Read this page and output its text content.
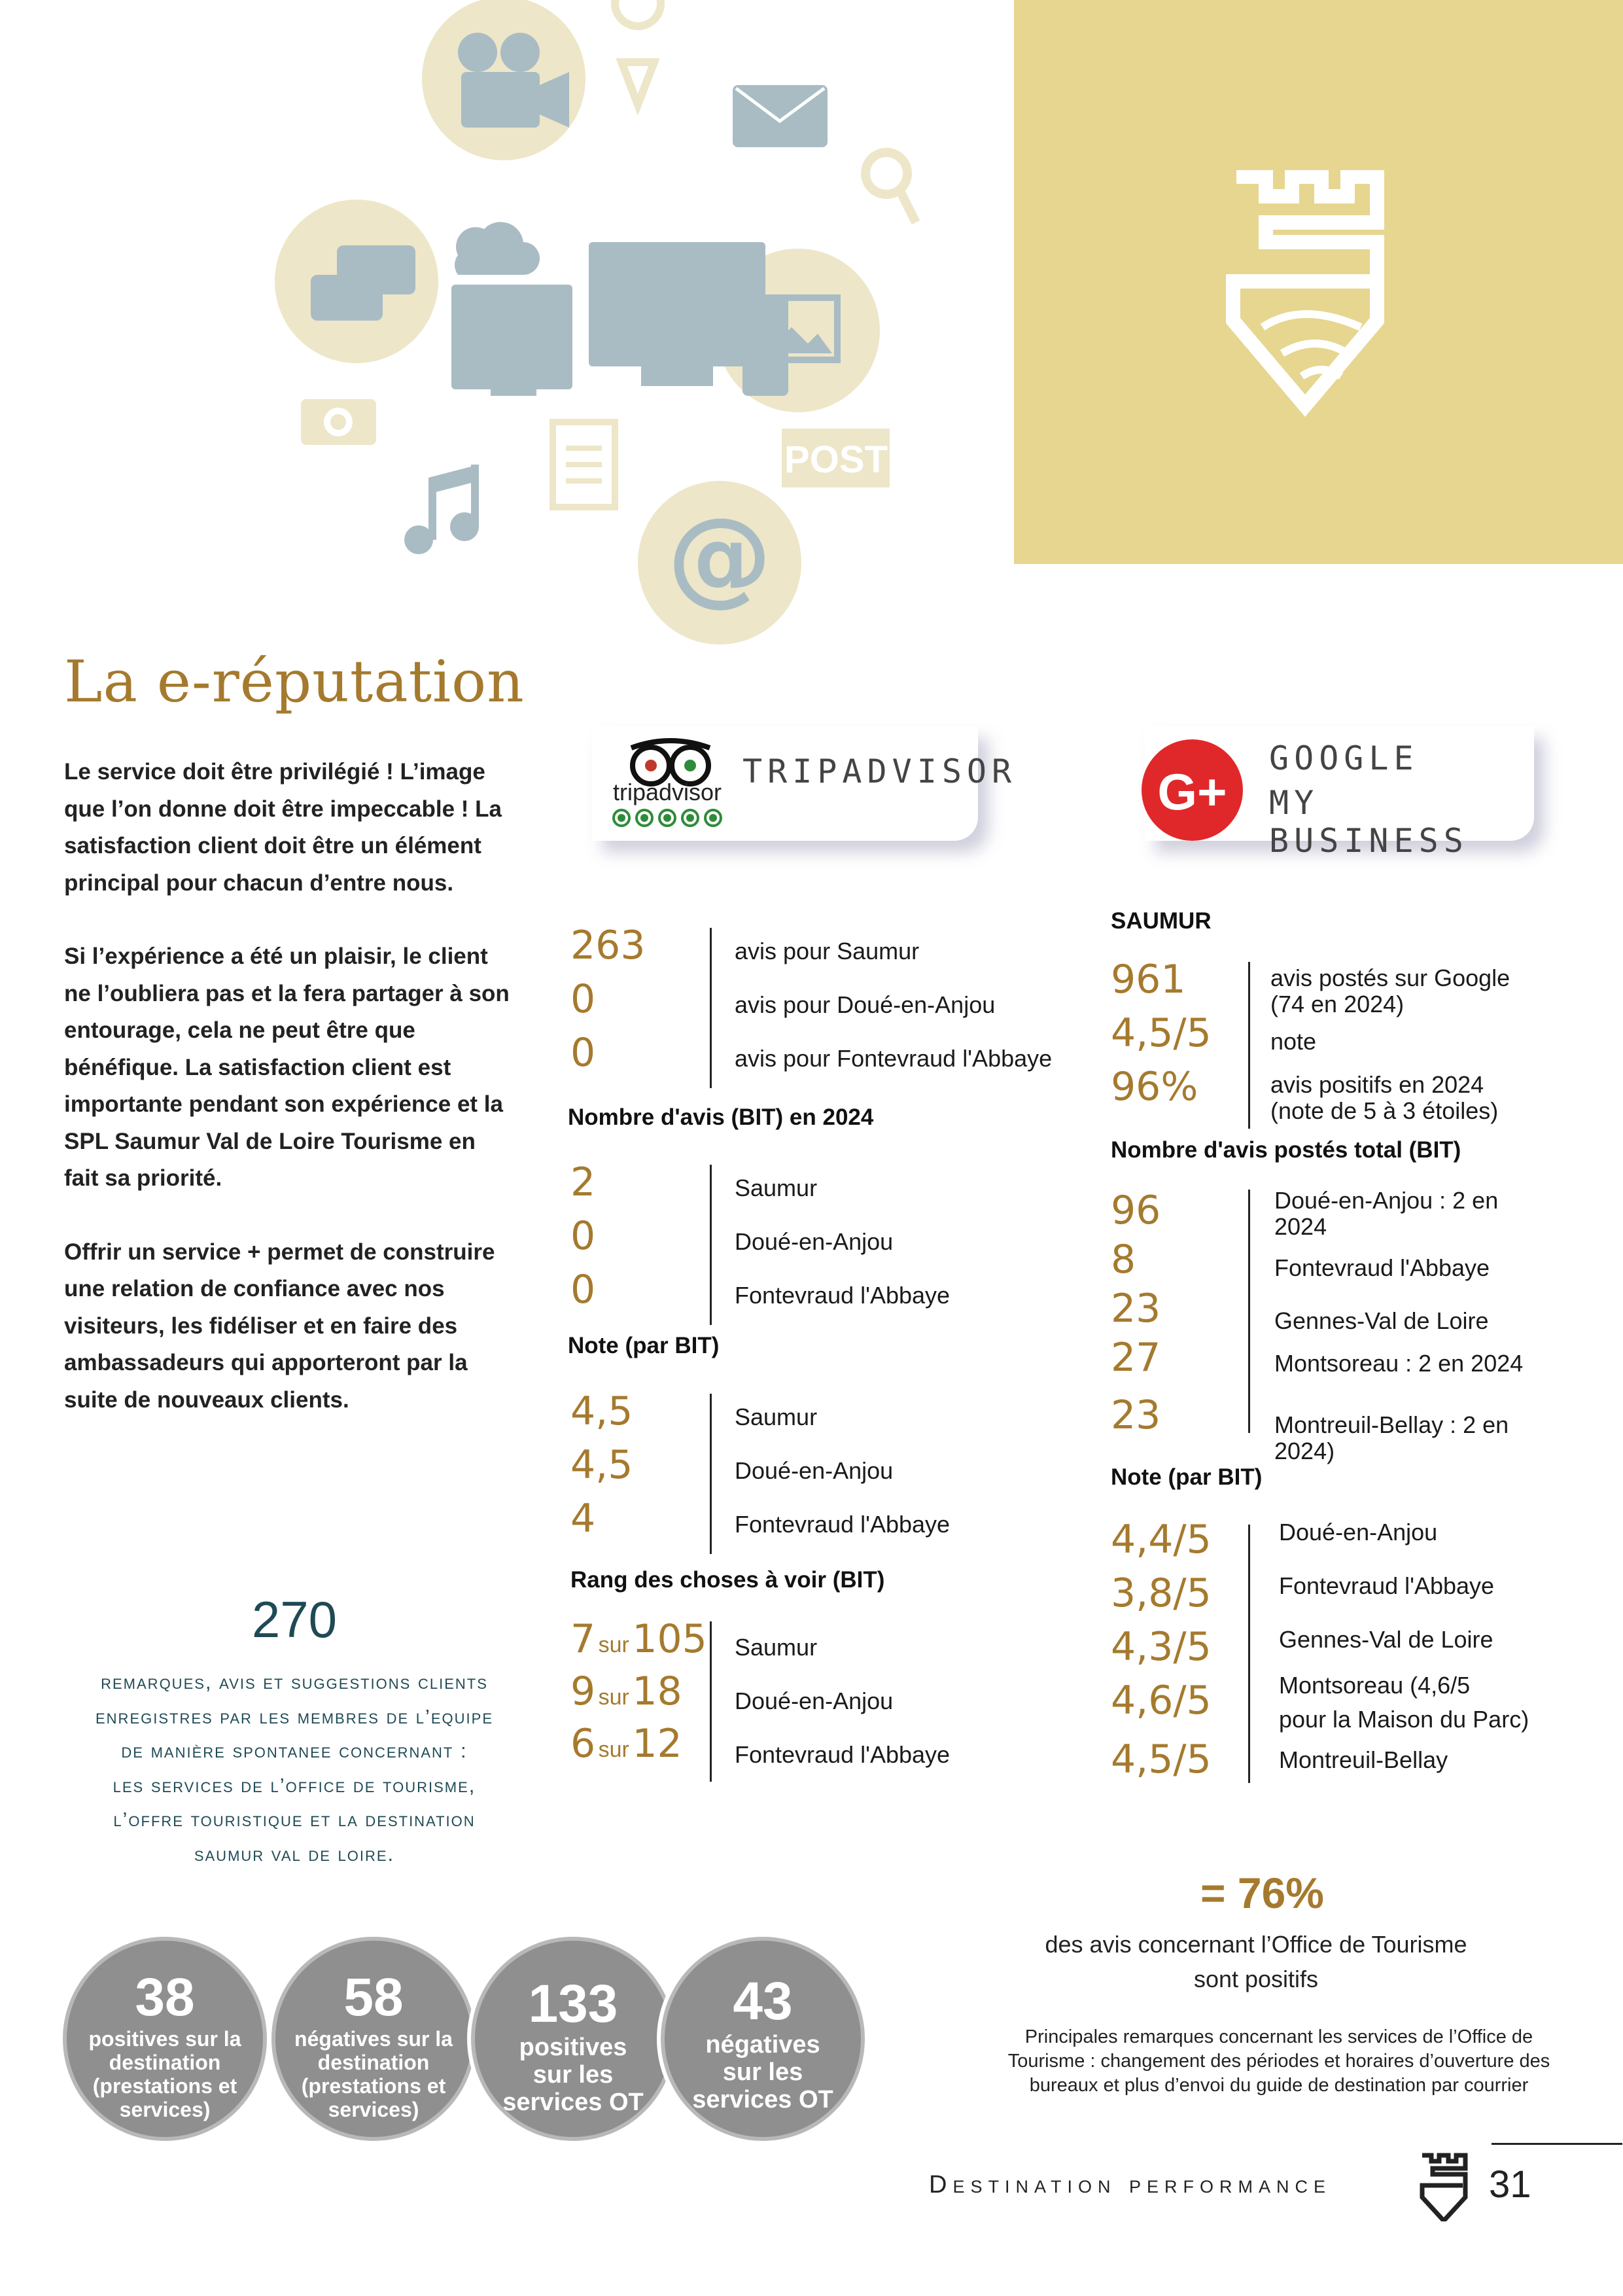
POST
@
La e-réputation

Le service doit être privilégié ! L’image que l’on donne doit être impeccable ! La satisfaction client doit être un élément principal pour chacun d’entre nous.

Si l’expérience a été un plaisir, le client ne l’oubliera pas et la fera partager à son entourage, cela ne peut être que bénéfique. La satisfaction client est importante pendant son expérience et la SPL Saumur Val de Loire Tourisme en fait sa priorité.

Offrir un service + permet de construire une relation de confiance avec nos visiteurs, les fidéliser et en faire des ambassadeurs qui apporteront par la suite de nouveaux clients.

270
remarques, avis et suggestions clients
enregistres par les membres de l’equipe
de manière spontanee concernant :
les services de l’office de tourisme,
l’offre touristique et la destination
saumur val de loire.
38
positives sur la
destination
(prestations et
services)
58
négatives sur la
destination
(prestations et
services)
133
positives
sur les
services OT
43
négatives
sur les
services OT
tripadvisor
TRIPADVISOR	G+
GOOGLE
MY BUSINESS
263
0
0
avis pour Saumur
avis pour Doué-en-Anjou
avis pour Fontevraud l'Abbaye
Nombre d'avis (BIT) en 2024
2
0
0
Saumur
Doué-en-Anjou
Fontevraud l'Abbaye
Note (par BIT)
4,5
4,5
4
Saumur
Doué-en-Anjou
Fontevraud l'Abbaye
Rang des choses à voir (BIT)
7 sur 105
9 sur 18
6 sur 12
Saumur
Doué-en-Anjou
Fontevraud l'Abbaye
SAUMUR
961
4,5/5
96%
avis postés sur Google
(74 en 2024)
note
avis positifs en 2024
(note de 5 à 3 étoiles)
Nombre d'avis postés total (BIT)
96
8
23
27
23
Doué-en-Anjou : 2 en
2024
Fontevraud l'Abbaye
Gennes-Val de Loire
Montsoreau : 2 en 2024
Montreuil-Bellay : 2 en
2024)
Note (par BIT)
4,4/5
3,8/5
4,3/5
4,6/5
4,5/5
Doué-en-Anjou
Fontevraud l'Abbaye
Gennes-Val de Loire
Montsoreau (4,6/5
pour la Maison du Parc)
Montreuil-Bellay
= 76%
des avis concernant l’Office de Tourisme
sont positifs
Principales remarques concernant les services de l’Office de Tourisme : changement des périodes et horaires d’ouverture des bureaux et plus d’envoi du guide de destination par courrier
Destination performance	31
